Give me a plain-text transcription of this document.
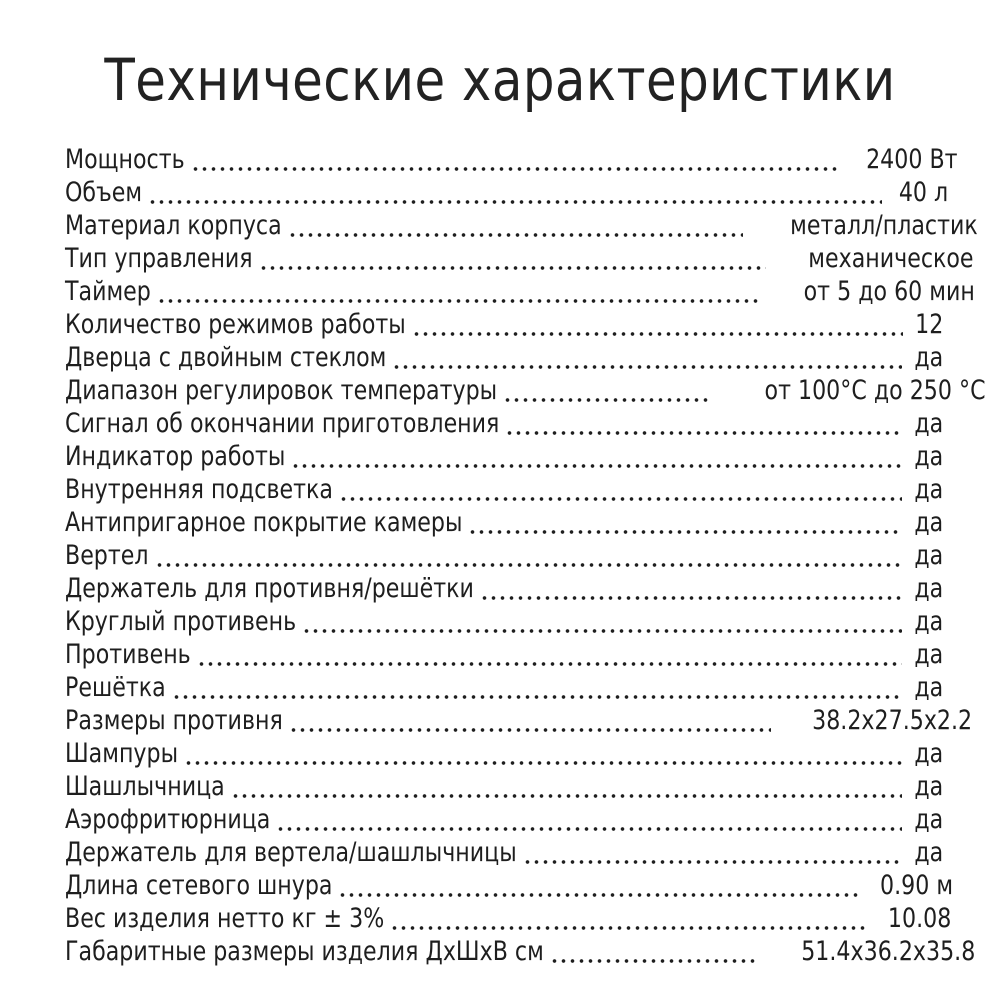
Технические характеристики
Мощность	2400 Вт
Объем	40 л
Материал корпуса	металл/пластик
Тип управления	механическое
Таймер	от 5 до 60 мин
Количество режимов работы	12
Дверца с двойным стеклом	да
Диапазон регулировок температуры	от 100°С до 250 °С
Сигнал об окончании приготовления	да
Индикатор работы	да
Внутренняя подсветка	да
Антипригарное покрытие камеры	да
Вертел	да
Держатель для противня/решётки	да
Круглый противень	да
Противень	да
Решётка	да
Размеры противня	38.2x27.5x2.2
Шампуры	да
Шашлычница	да
Аэрофритюрница	да
Держатель для вертела/шашлычницы	да
Длина сетевого шнура	0.90 м
Вес изделия нетто кг ± 3%	10.08
Габаритные размеры изделия ДхШхВ см	51.4x36.2x35.8
